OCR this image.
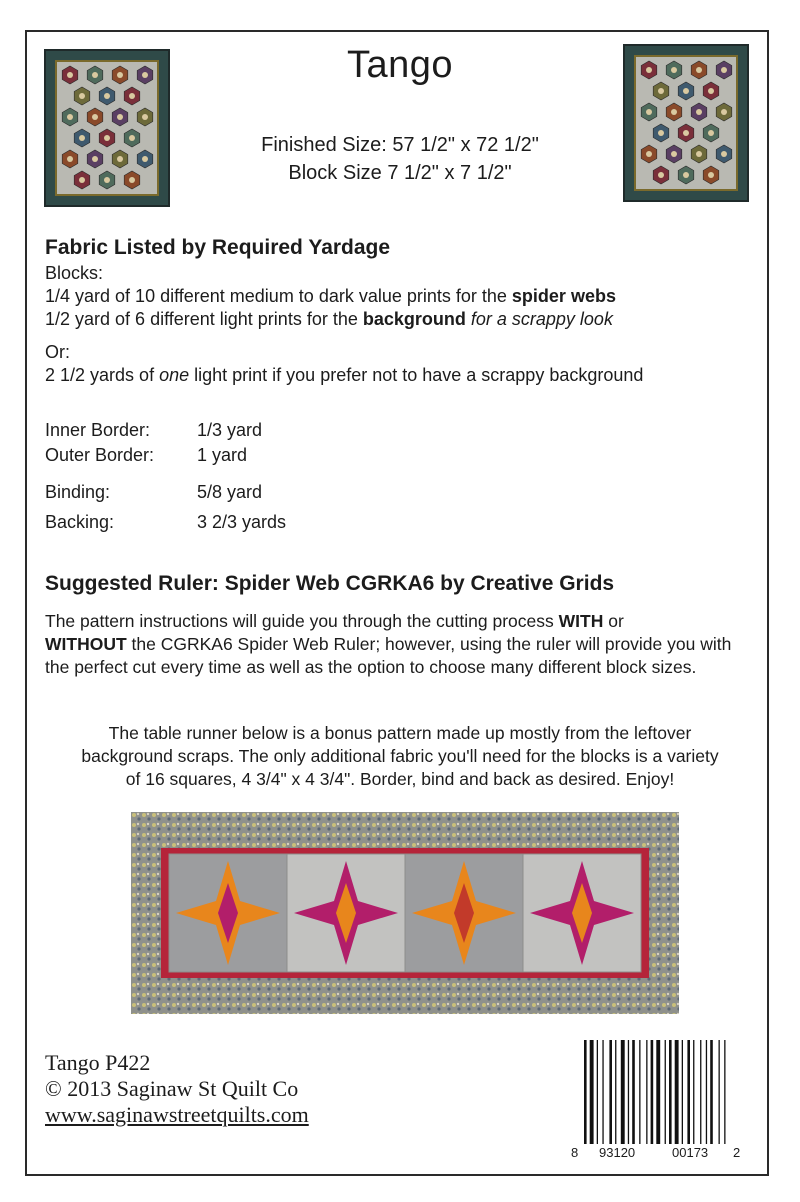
Tango
Finished Size: 57 1/2" x 72 1/2"
Block Size 7 1/2" x 7 1/2"
Fabric Listed by Required Yardage
Blocks:
1/4 yard of 10 different medium to dark value prints for the spider webs
1/2 yard of 6 different light prints for the background for a scrappy look
Or:
2 1/2 yards of one light print if you prefer not to have a scrappy background
Inner Border:	1/3 yard
Outer Border: 1 yard
Binding:	5/8 yard
Backing:	3 2/3 yards
Suggested Ruler: Spider Web CGRKA6 by Creative Grids
The pattern instructions will guide you through the cutting process WITH or
WITHOUT the CGRKA6 Spider Web Ruler; however, using the ruler will provide you with the perfect cut every time as well as the option to choose many different block sizes.
The table runner below is a bonus pattern made up mostly from the leftover
background scraps. The only additional fabric you'll need for the blocks is a variety
of 16 squares, 4 3/4" x 4 3/4". Border, bind and back as desired. Enjoy!
Tango P422
© 2013 Saginaw St Quilt Co
www.saginawstreetquilts.com
8 93120	00173 2
